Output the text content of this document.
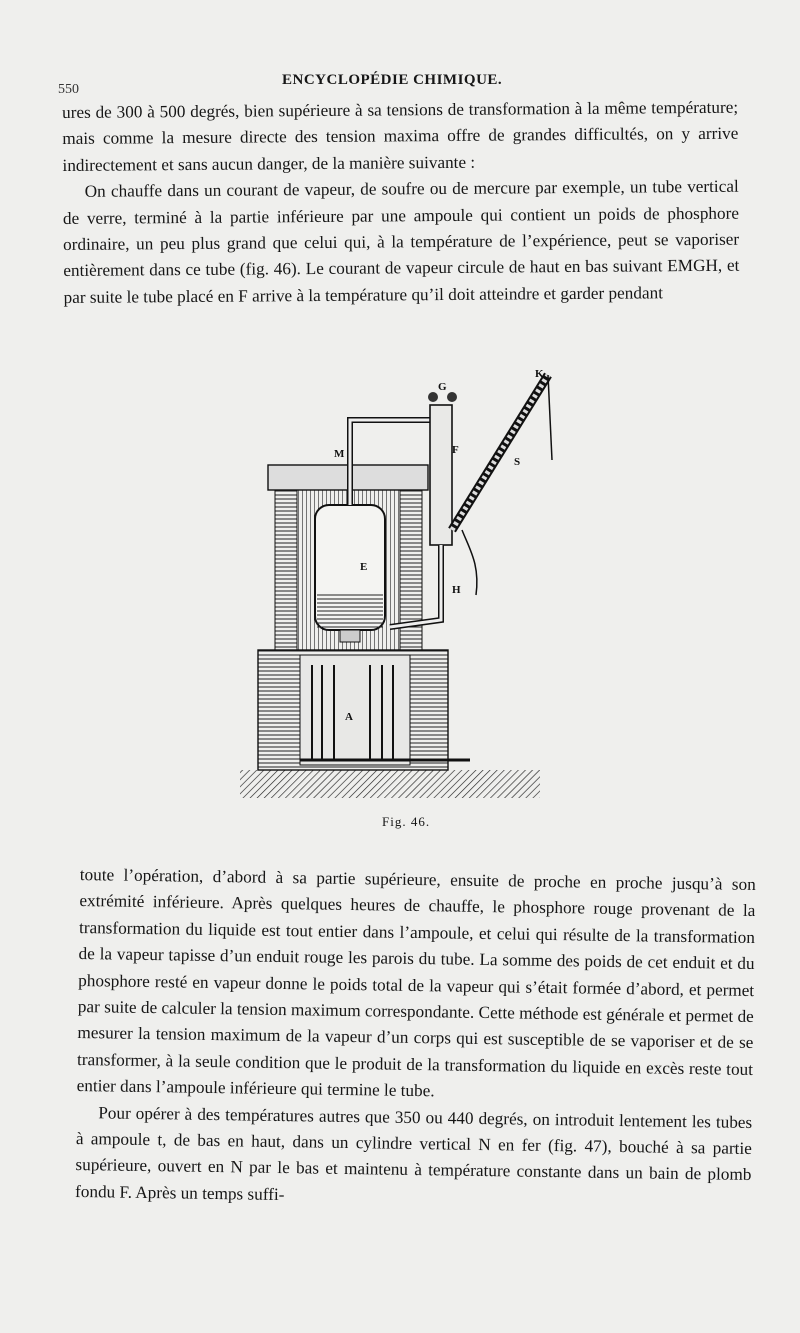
550
ENCYCLOPÉDIE CHIMIQUE.

ures de 300 à 500 degrés, bien supérieure à sa tensions de transformation à la même température; mais comme la mesure directe des tension maxima offre de grandes difficultés, on y arrive indirectement et sans aucun danger, de la manière suivante :

On chauffe dans un courant de vapeur, de soufre ou de mercure par exemple, un tube vertical de verre, terminé à la partie inférieure par une ampoule qui contient un poids de phosphore ordinaire, un peu plus grand que celui qui, à la température de l’expérience, peut se vaporiser entièrement dans ce tube (fig. 46). Le courant de vapeur circule de haut en bas suivant EMGH, et par suite le tube placé en F arrive à la température qu’il doit atteindre et garder pendant

K
G
M	F
S
E
H
A
Fig. 46.

toute l’opération, d’abord à sa partie supérieure, ensuite de proche en proche jusqu’à son extrémité inférieure. Après quelques heures de chauffe, le phosphore rouge provenant de la transformation du liquide est tout entier dans l’ampoule, et celui qui résulte de la transformation de la vapeur tapisse d’un enduit rouge les parois du tube. La somme des poids de cet enduit et du phosphore resté en vapeur donne le poids total de la vapeur qui s’était formée d’abord, et permet par suite de calculer la tension maximum correspondante. Cette méthode est générale et permet de mesurer la tension maximum de la vapeur d’un corps qui est susceptible de se vaporiser et de se transformer, à la seule condition que le produit de la transformation du liquide en excès reste tout entier dans l’ampoule inférieure qui termine le tube.

Pour opérer à des températures autres que 350 ou 440 degrés, on introduit lentement les tubes à ampoule t, de bas en haut, dans un cylindre vertical N en fer (fig. 47), bouché à sa partie supérieure, ouvert en N par le bas et maintenu à température constante dans un bain de plomb fondu F. Après un temps suffi-
